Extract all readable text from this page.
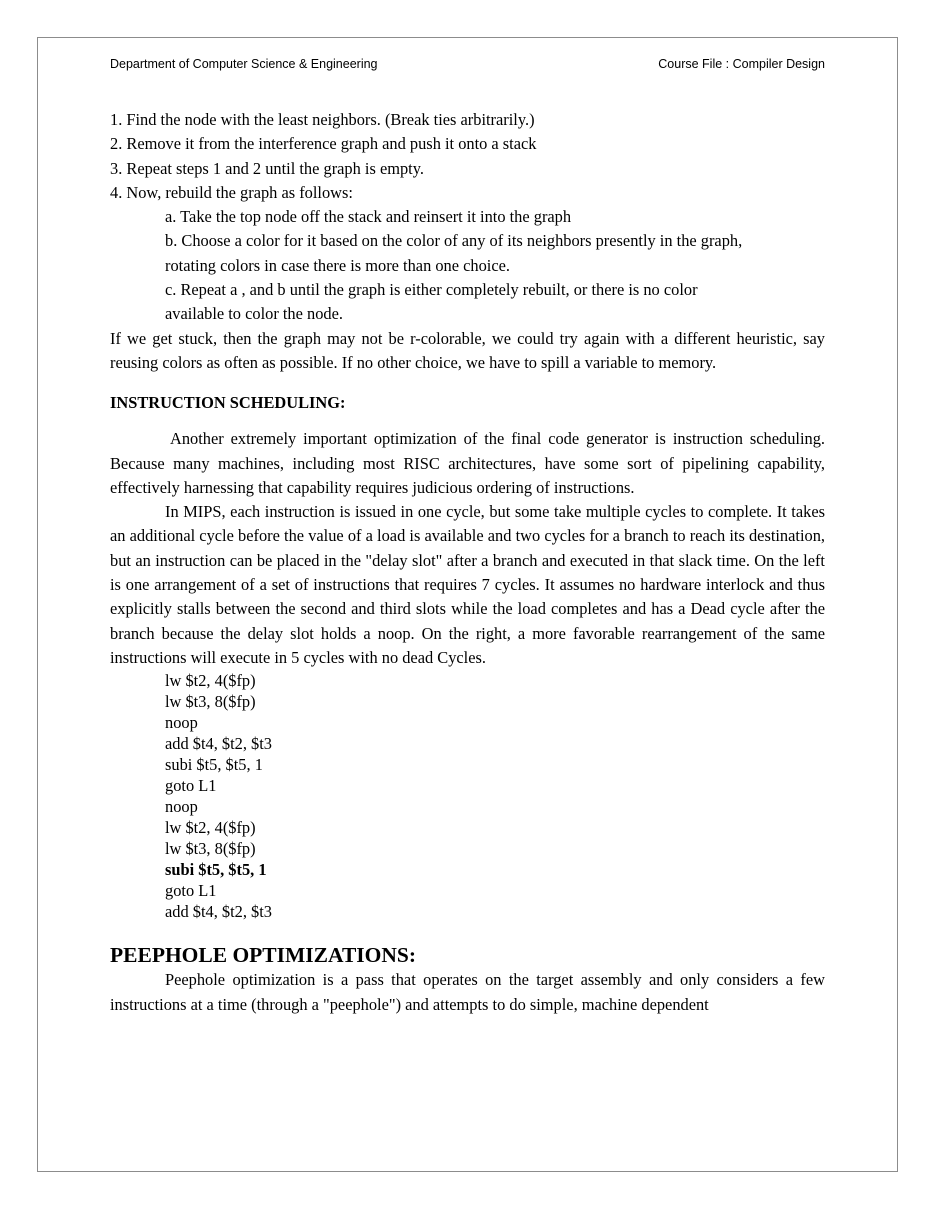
Department of Computer Science & Engineering	Course File : Compiler Design
1. Find the node with the least neighbors. (Break ties arbitrarily.)
2. Remove it from the interference graph and push it onto a stack
3. Repeat steps 1 and 2 until the graph is empty.
4. Now, rebuild the graph as follows:
a. Take the top node off the stack and reinsert it into the graph
b. Choose a color for it based on the color of any of its neighbors presently in the graph,
rotating colors in case there is more than one choice.
c. Repeat a , and b until the graph is either completely rebuilt, or there is no color
available to color the node.

If we get stuck, then the graph may not be r-colorable, we could try again with a different heuristic, say reusing colors as often as possible. If no other choice, we have to spill a variable to memory.

INSTRUCTION SCHEDULING:

Another extremely important optimization of the final code generator is instruction scheduling. Because many machines, including most RISC architectures, have some sort of pipelining capability, effectively harnessing that capability requires judicious ordering of instructions.

In MIPS, each instruction is issued in one cycle, but some take multiple cycles to complete. It takes an additional cycle before the value of a load is available and two cycles for a branch to reach its destination, but an instruction can be placed in the "delay slot" after a branch and executed in that slack time. On the left is one arrangement of a set of instructions that requires 7 cycles. It assumes no hardware interlock and thus explicitly stalls between the second and third slots while the load completes and has a Dead cycle after the branch because the delay slot holds a noop. On the right, a more favorable rearrangement of the same instructions will execute in 5 cycles with no dead Cycles.

lw $t2, 4($fp)
lw $t3, 8($fp)
noop
add $t4, $t2, $t3
subi $t5, $t5, 1
goto L1
noop
lw $t2, 4($fp)
lw $t3, 8($fp)
subi $t5, $t5, 1
goto L1
add $t4, $t2, $t3
PEEPHOLE OPTIMIZATIONS:

Peephole optimization is a pass that operates on the target assembly and only considers a few instructions at a time (through a "peephole") and attempts to do simple, machine dependent
